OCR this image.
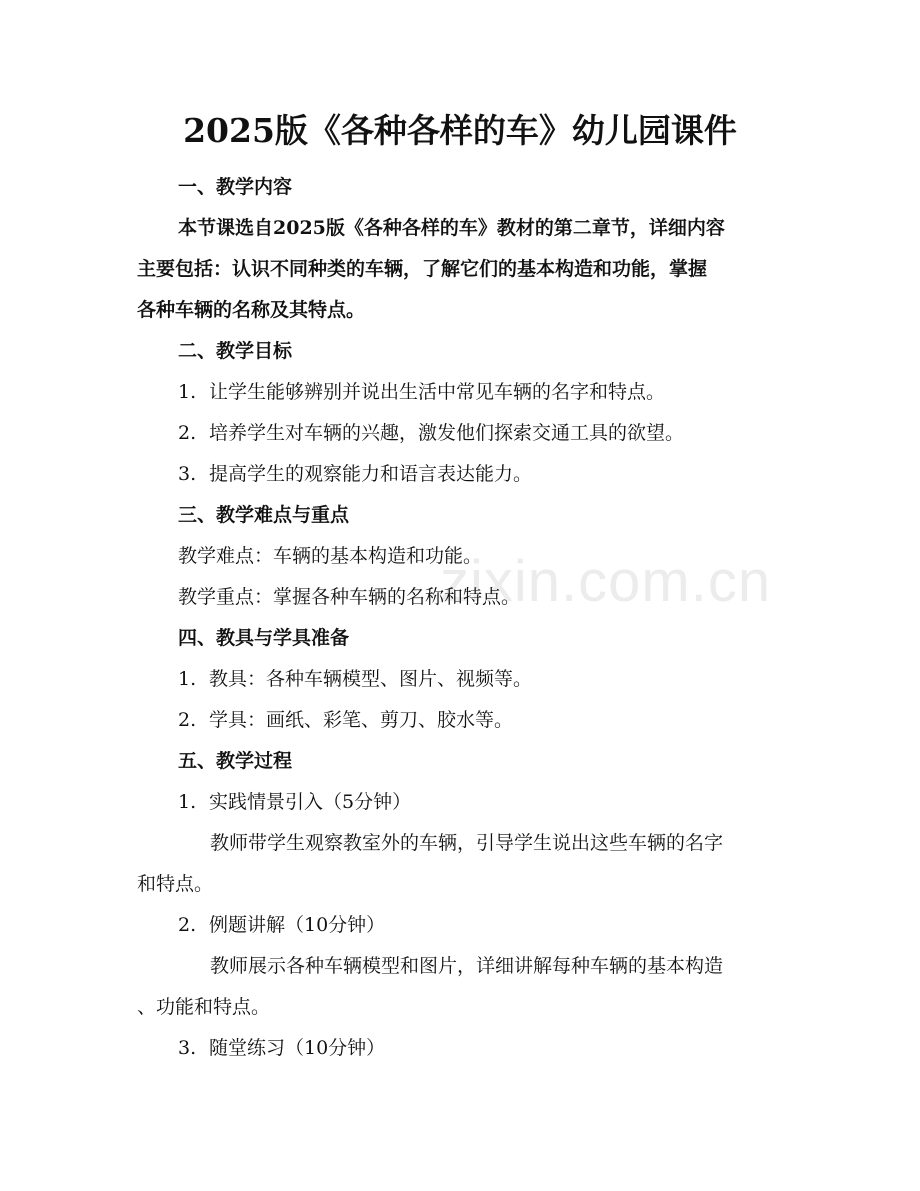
zixin.com.cn
2025版《各种各样的车》幼儿园课件
一、教学内容
本节课选自2025版《各种各样的车》教材的第二章节，详细内容
主要包括：认识不同种类的车辆，了解它们的基本构造和功能，掌握
各种车辆的名称及其特点。
二、教学目标
1. 让学生能够辨别并说出生活中常见车辆的名字和特点。
2. 培养学生对车辆的兴趣，激发他们探索交通工具的欲望。
3. 提高学生的观察能力和语言表达能力。
三、教学难点与重点
教学难点：车辆的基本构造和功能。
教学重点：掌握各种车辆的名称和特点。
四、教具与学具准备
1. 教具：各种车辆模型、图片、视频等。
2. 学具：画纸、彩笔、剪刀、胶水等。
五、教学过程
1. 实践情景引入（5分钟）
教师带学生观察教室外的车辆，引导学生说出这些车辆的名字
和特点。
2. 例题讲解（10分钟）
教师展示各种车辆模型和图片，详细讲解每种车辆的基本构造
、功能和特点。
3. 随堂练习（10分钟）
